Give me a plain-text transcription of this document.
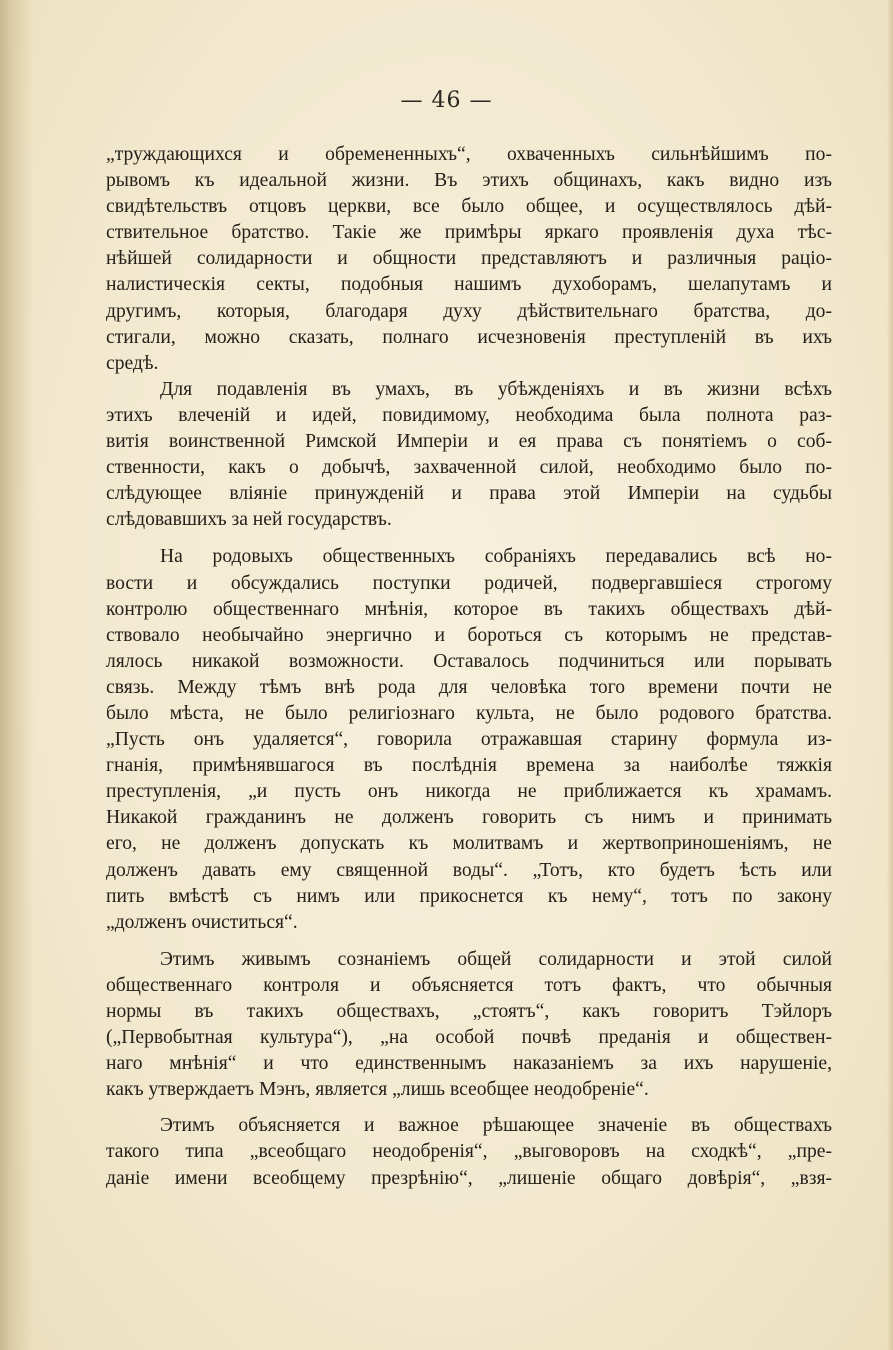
— 46 —
„труждающихся и обремененныхъ“, охваченныхъ сильнѣйшимъ по-
рывомъ къ идеальной жизни. Въ этихъ общинахъ, какъ видно изъ
свидѣтельствъ отцовъ церкви, все было общее, и осуществлялось дѣй-
ствительное братство. Такіе же примѣры яркаго проявленія духа тѣс-
нѣйшей солидарности и общности представляютъ и различныя раціо-
налистическія секты, подобныя нашимъ духоборамъ, шелапутамъ и
другимъ, которыя, благодаря духу дѣйствительнаго братства, до-
стигали, можно сказать, полнаго исчезновенія преступленій въ ихъ
средѣ.
Для подавленія въ умахъ, въ убѣжденіяхъ и въ жизни всѣхъ
этихъ влеченій и идей, повидимому, необходима была полнота раз-
витія воинственной Римской Имперіи и ея права съ понятіемъ о соб-
ственности, какъ о добычѣ, захваченной силой, необходимо было по-
слѣдующее вліяніе принужденій и права этой Имперіи на судьбы
слѣдовавшихъ за ней государствъ.
На родовыхъ общественныхъ собраніяхъ передавались всѣ но-
вости и обсуждались поступки родичей, подвергавшіеся строгому
контролю общественнаго мнѣнія, которое въ такихъ обществахъ дѣй-
ствовало необычайно энергично и бороться съ которымъ не представ-
лялось никакой возможности. Оставалось подчиниться или порывать
связь. Между тѣмъ внѣ рода для человѣка того времени почти не
было мѣста, не было религіознаго культа, не было родового братства.
„Пусть онъ удаляется“, говорила отражавшая старину формула из-
гнанія, примѣнявшагося въ послѣднія времена за наиболѣе тяжкія
преступленія, „и пусть онъ никогда не приближается къ храмамъ.
Никакой гражданинъ не долженъ говорить съ нимъ и принимать
его, не долженъ допускать къ молитвамъ и жертвоприношеніямъ, не
долженъ давать ему священной воды“. „Тотъ, кто будетъ ѣсть или
пить вмѣстѣ съ нимъ или прикоснется къ нему“, тотъ по закону
„долженъ очиститься“.
Этимъ живымъ сознаніемъ общей солидарности и этой силой
общественнаго контроля и объясняется тотъ фактъ, что обычныя
нормы въ такихъ обществахъ, „стоятъ“, какъ говоритъ Тэйлоръ
(„Первобытная культура“), „на особой почвѣ преданія и обществен-
наго мнѣнія“ и что единственнымъ наказаніемъ за ихъ нарушеніе,
какъ утверждаетъ Мэнъ, является „лишь всеобщее неодобреніе“.
Этимъ объясняется и важное рѣшающее значеніе въ обществахъ
такого типа „всеобщаго неодобренія“, „выговоровъ на сходкѣ“, „пре-
даніе имени всеобщему презрѣнію“, „лишеніе общаго довѣрія“, „взя-
